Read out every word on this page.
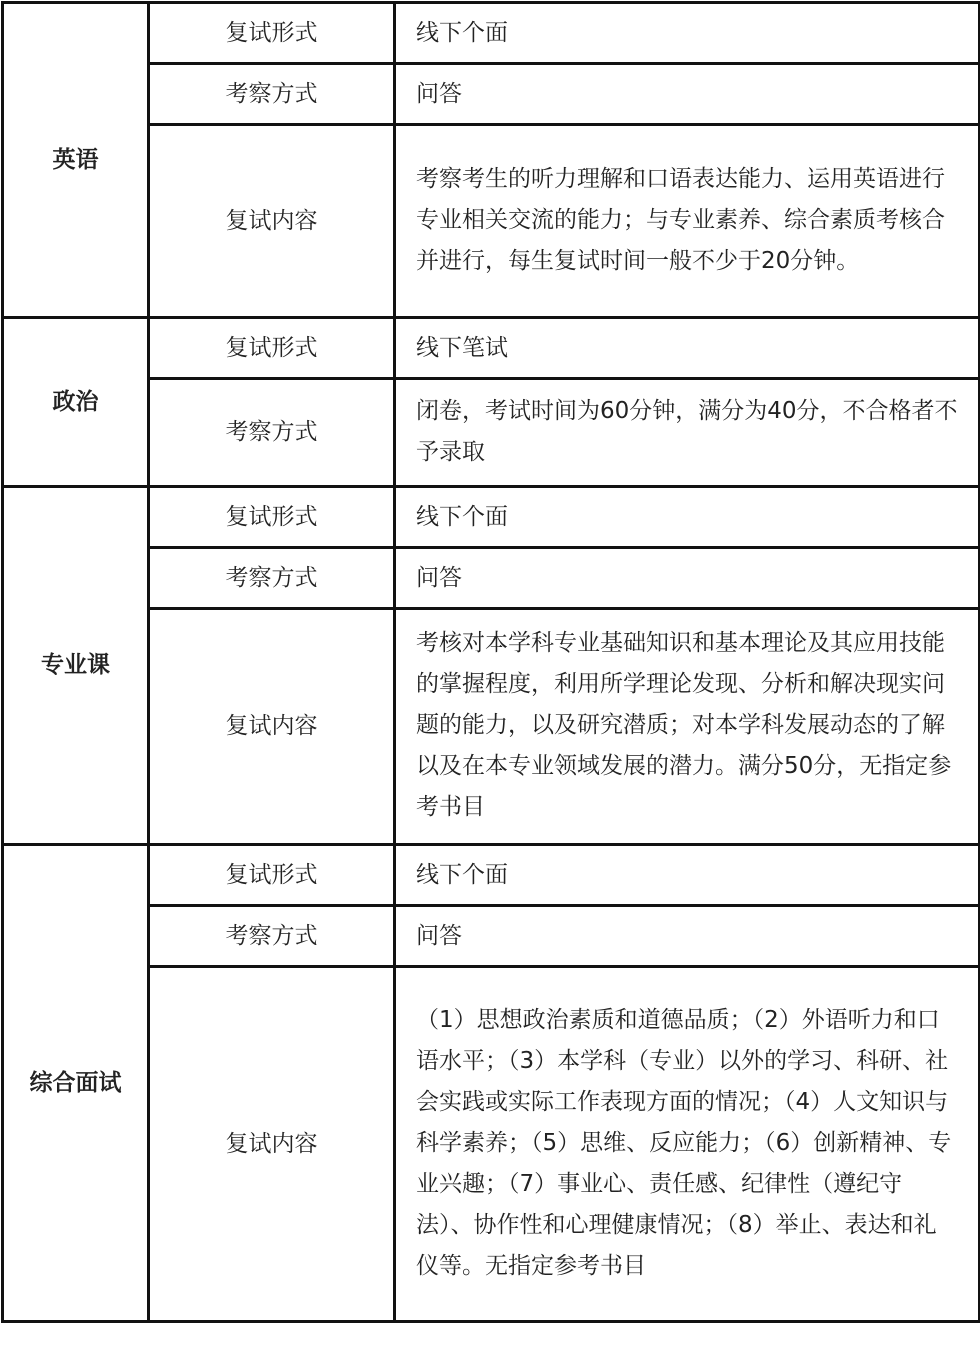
英语	复试形式	线下个面
	考察方式	问答
	复试内容	考察考生的听力理解和口语表达能力、运用英语进行专业相关交流的能力；与专业素养、综合素质考核合并进行，每生复试时间一般不少于20分钟。
政治	复试形式	线下笔试
	考察方式	闭卷，考试时间为60分钟，满分为40分，不合格者不予录取
专业课	复试形式	线下个面
	考察方式	问答
	复试内容	考核对本学科专业基础知识和基本理论及其应用技能的掌握程度，利用所学理论发现、分析和解决现实问题的能力，以及研究潜质；对本学科发展动态的了解以及在本专业领域发展的潜力。满分50分，无指定参考书目
综合面试	复试形式	线下个面
	考察方式	问答
	复试内容	（1）思想政治素质和道德品质；（2）外语听力和口语水平；（3）本学科（专业）以外的学习、科研、社会实践或实际工作表现方面的情况；（4）人文知识与科学素养；（5）思维、反应能力；（6）创新精神、专业兴趣；（7）事业心、责任感、纪律性（遵纪守法）、协作性和心理健康情况；（8）举止、表达和礼仪等。无指定参考书目
